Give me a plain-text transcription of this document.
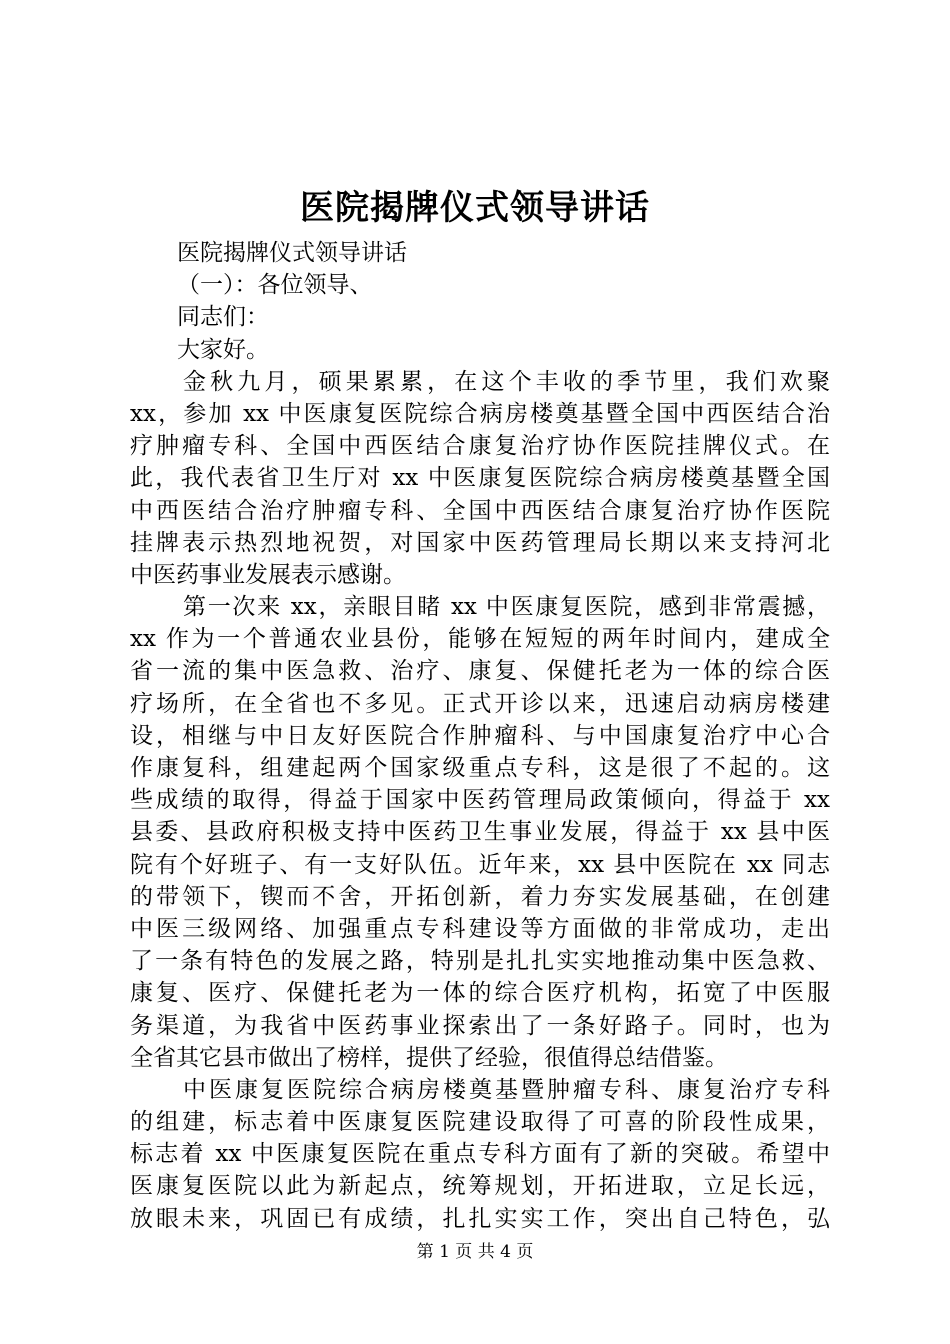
医院揭牌仪式领导讲话
医院揭牌仪式领导讲话
（一）：各位领导、
同志们：
大家好。
金秋九月，硕果累累，在这个丰收的季节里，我们欢聚
xx，参加 xx 中医康复医院综合病房楼奠基暨全国中西医结合治
疗肿瘤专科、全国中西医结合康复治疗协作医院挂牌仪式。在
此，我代表省卫生厅对 xx 中医康复医院综合病房楼奠基暨全国
中西医结合治疗肿瘤专科、全国中西医结合康复治疗协作医院
挂牌表示热烈地祝贺，对国家中医药管理局长期以来支持河北
中医药事业发展表示感谢。
第一次来 xx，亲眼目睹 xx 中医康复医院，感到非常震撼，
xx 作为一个普通农业县份，能够在短短的两年时间内，建成全
省一流的集中医急救、治疗、康复、保健托老为一体的综合医
疗场所，在全省也不多见。正式开诊以来，迅速启动病房楼建
设，相继与中日友好医院合作肿瘤科、与中国康复治疗中心合
作康复科，组建起两个国家级重点专科，这是很了不起的。这
些成绩的取得，得益于国家中医药管理局政策倾向，得益于 xx
县委、县政府积极支持中医药卫生事业发展，得益于 xx 县中医
院有个好班子、有一支好队伍。近年来，xx 县中医院在 xx 同志
的带领下，锲而不舍，开拓创新，着力夯实发展基础，在创建
中医三级网络、加强重点专科建设等方面做的非常成功，走出
了一条有特色的发展之路，特别是扎扎实实地推动集中医急救、
康复、医疗、保健托老为一体的综合医疗机构，拓宽了中医服
务渠道，为我省中医药事业探索出了一条好路子。同时，也为
全省其它县市做出了榜样，提供了经验，很值得总结借鉴。
中医康复医院综合病房楼奠基暨肿瘤专科、康复治疗专科
的组建，标志着中医康复医院建设取得了可喜的阶段性成果，
标志着 xx 中医康复医院在重点专科方面有了新的突破。希望中
医康复医院以此为新起点，统筹规划，开拓进取，立足长远，
放眼未来，巩固已有成绩，扎扎实实工作，突出自己特色，弘
第 1 页 共 4 页
